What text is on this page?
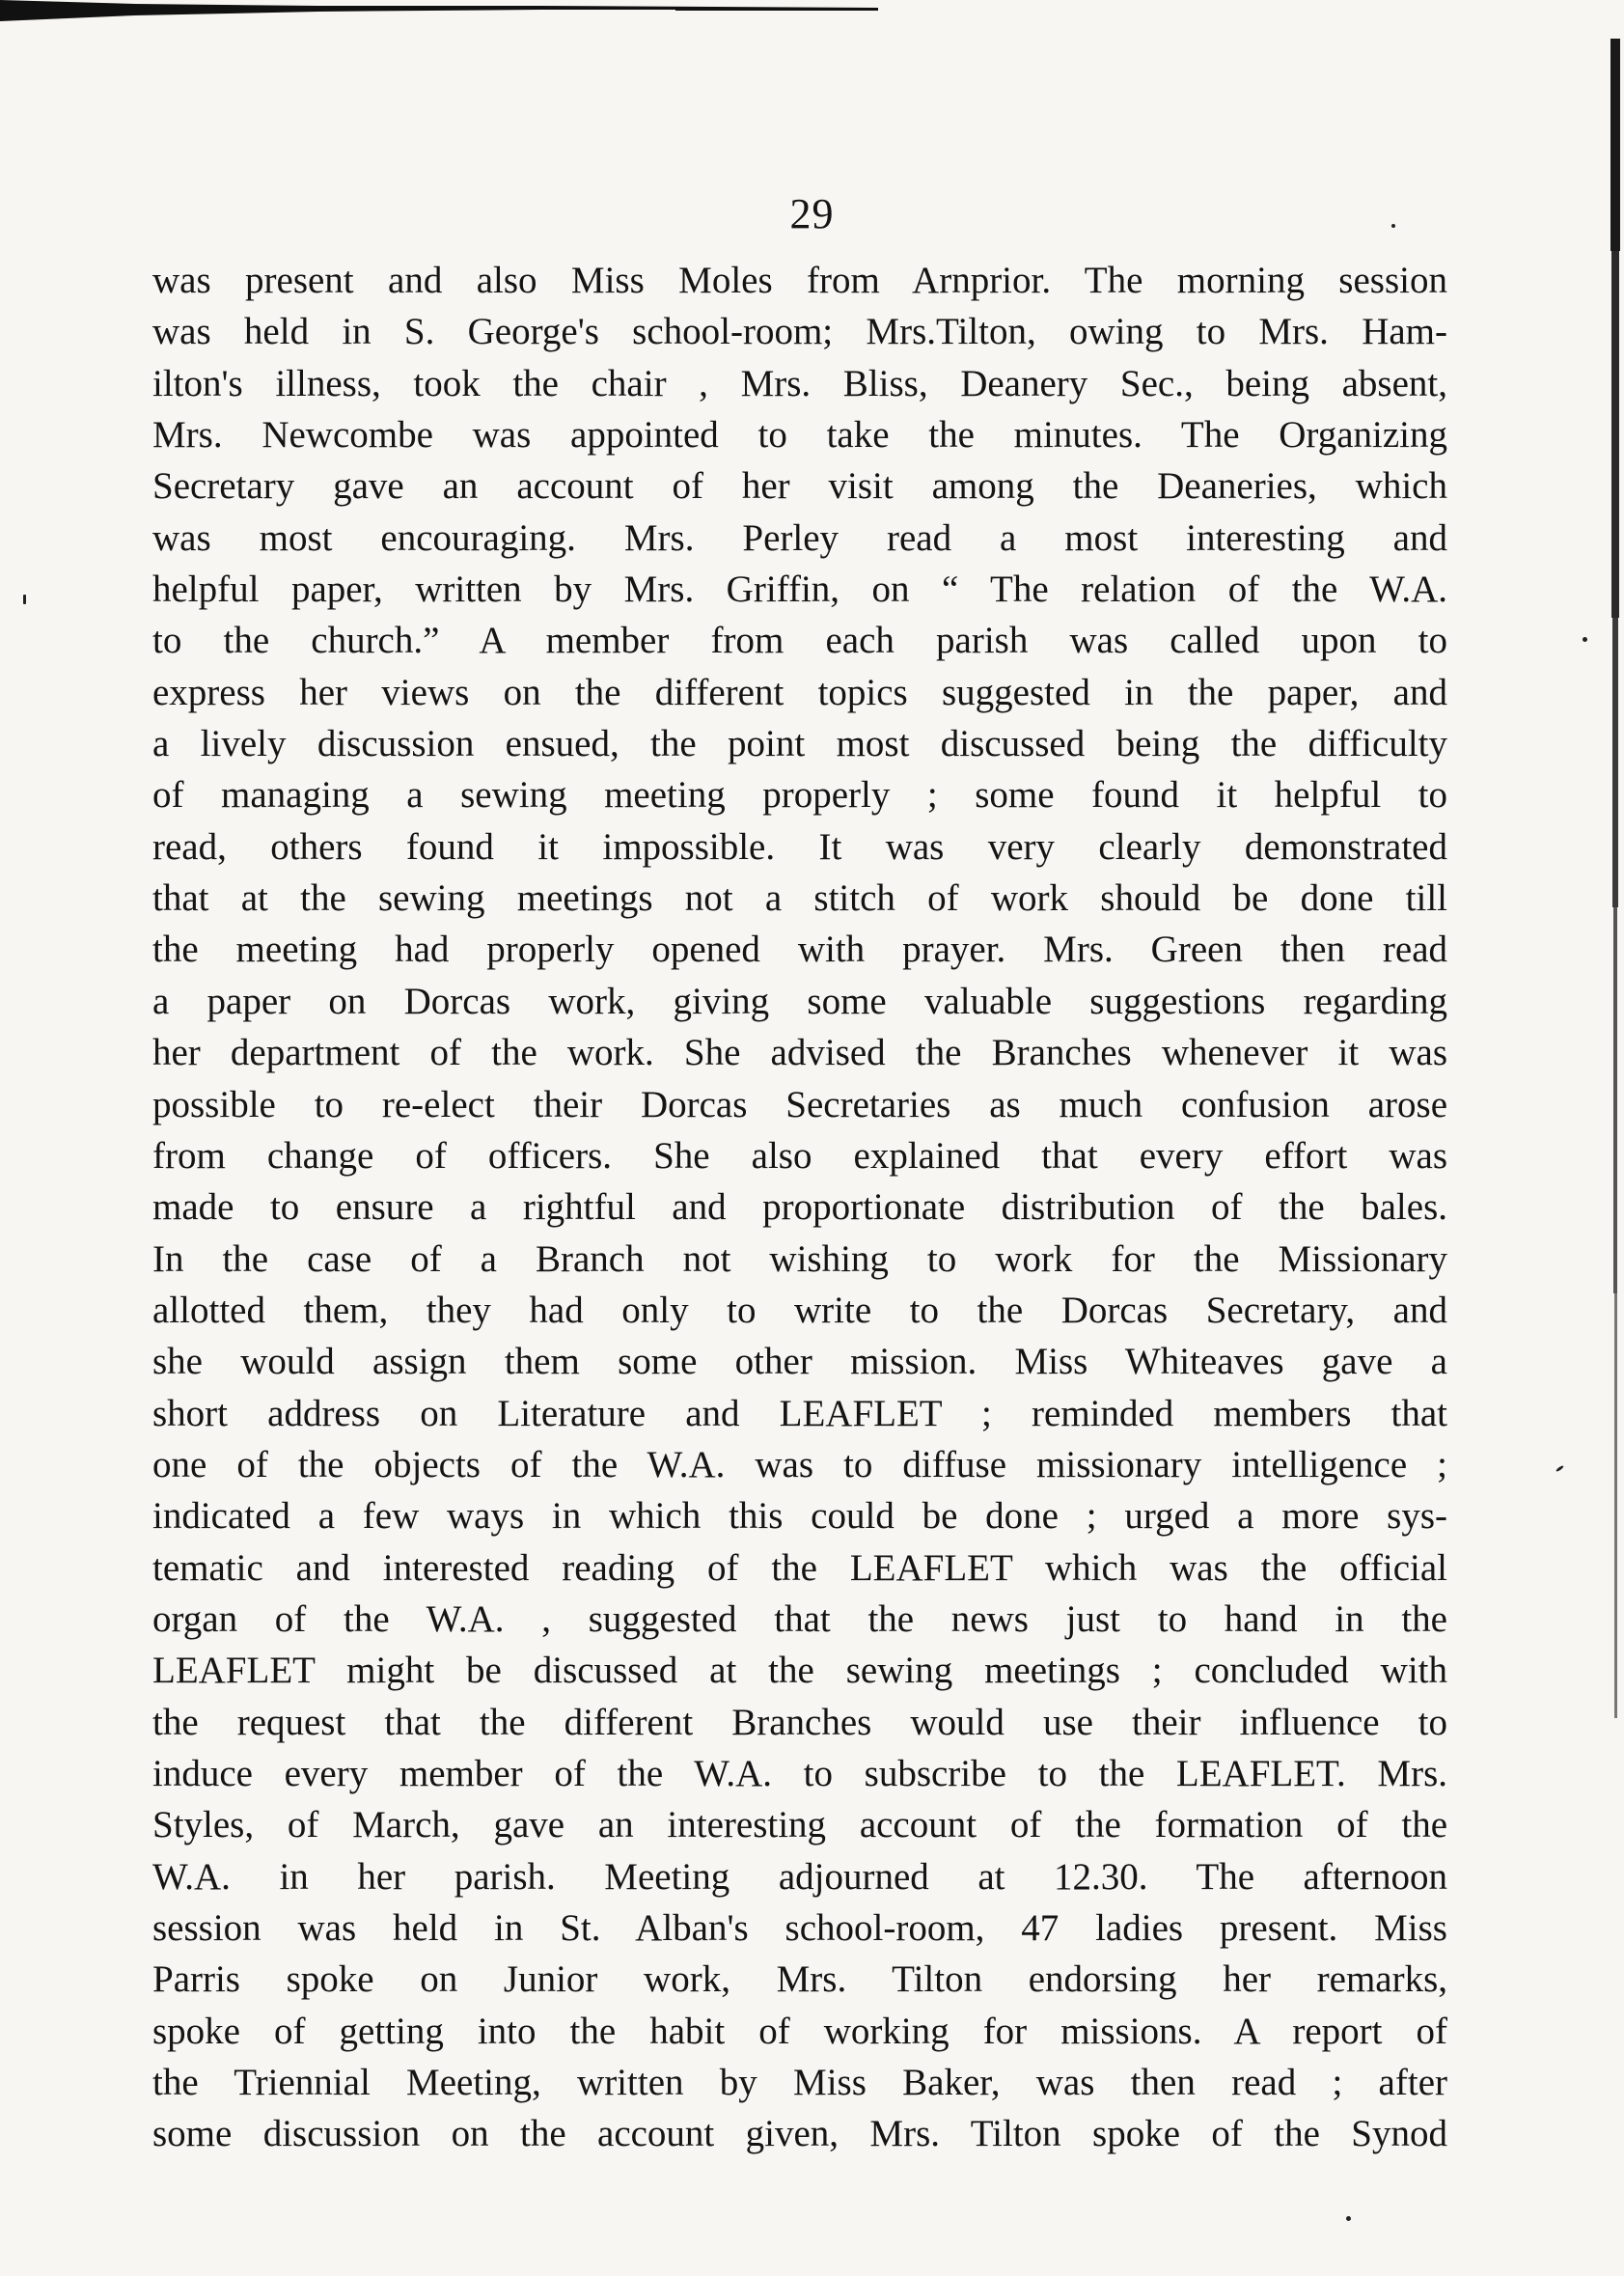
29
was present and also Miss Moles from Arnprior. The morning session
was held in S. George's school-room; Mrs.Tilton, owing to Mrs. Ham-
ilton's illness, took the chair , Mrs. Bliss, Deanery Sec., being absent,
Mrs. Newcombe was appointed to take the minutes. The Organizing
Secretary gave an account of her visit among the Deaneries, which
was most encouraging. Mrs. Perley read a most interesting and
helpful paper, written by Mrs. Griffin, on “ The relation of the W.A.
to the church.” A member from each parish was called upon to
express her views on the different topics suggested in the paper, and
a lively discussion ensued, the point most discussed being the difficulty
of managing a sewing meeting properly ; some found it helpful to
read, others found it impossible. It was very clearly demonstrated
that at the sewing meetings not a stitch of work should be done till
the meeting had properly opened with prayer. Mrs. Green then read
a paper on Dorcas work, giving some valuable suggestions regarding
her department of the work. She advised the Branches whenever it was
possible to re-elect their Dorcas Secretaries as much confusion arose
from change of officers. She also explained that every effort was
made to ensure a rightful and proportionate distribution of the bales.
In the case of a Branch not wishing to work for the Missionary
allotted them, they had only to write to the Dorcas Secretary, and
she would assign them some other mission. Miss Whiteaves gave a
short address on Literature and LEAFLET ; reminded members that
one of the objects of the W.A. was to diffuse missionary intelligence ;
indicated a few ways in which this could be done ; urged a more sys-
tematic and interested reading of the LEAFLET which was the official
organ of the W.A. , suggested that the news just to hand in the
LEAFLET might be discussed at the sewing meetings ; concluded with
the request that the different Branches would use their influence to
induce every member of the W.A. to subscribe to the LEAFLET. Mrs.
Styles, of March, gave an interesting account of the formation of the
W.A. in her parish. Meeting adjourned at 12.30. The afternoon
session was held in St. Alban's school-room, 47 ladies present. Miss
Parris spoke on Junior work, Mrs. Tilton endorsing her remarks,
spoke of getting into the habit of working for missions. A report of
the Triennial Meeting, written by Miss Baker, was then read ; after
some discussion on the account given, Mrs. Tilton spoke of the Synod
